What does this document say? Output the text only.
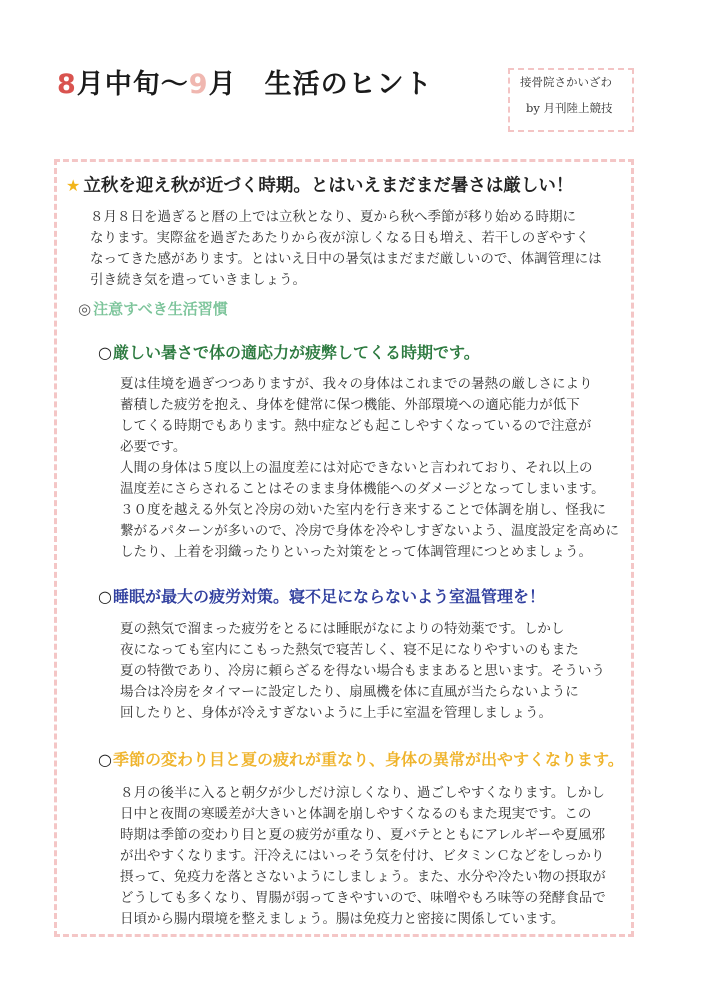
8月中旬～9月　生活のヒント	接骨院さかいざわ
by 月刊陸上競技
★ 立秋を迎え秋が近づく時期。とはいえまだまだ暑さは厳しい！
８月８日を過ぎると暦の上では立秋となり、夏から秋へ季節が移り始める時期に
なります。実際盆を過ぎたあたりから夜が涼しくなる日も増え、若干しのぎやすく
なってきた感があります。とはいえ日中の暑気はまだまだ厳しいので、体調管理には
引き続き気を遣っていきましょう。
◎ 注意すべき生活習慣
○厳しい暑さで体の適応力が疲弊してくる時期です。
夏は佳境を過ぎつつありますが、我々の身体はこれまでの暑熱の厳しさにより
蓄積した疲労を抱え、身体を健常に保つ機能、外部環境への適応能力が低下
してくる時期でもあります。熱中症なども起こしやすくなっているので注意が
必要です。
人間の身体は５度以上の温度差には対応できないと言われており、それ以上の
温度差にさらされることはそのまま身体機能へのダメージとなってしまいます。
３０度を越える外気と冷房の効いた室内を行き来することで体調を崩し、怪我に
繋がるパターンが多いので、冷房で身体を冷やしすぎないよう、温度設定を高めに
したり、上着を羽織ったりといった対策をとって体調管理につとめましょう。
○睡眠が最大の疲労対策。寝不足にならないよう室温管理を！
夏の熱気で溜まった疲労をとるには睡眠がなによりの特効薬です。しかし
夜になっても室内にこもった熱気で寝苦しく、寝不足になりやすいのもまた
夏の特徴であり、冷房に頼らざるを得ない場合もままあると思います。そういう
場合は冷房をタイマーに設定したり、扇風機を体に直風が当たらないように
回したりと、身体が冷えすぎないように上手に室温を管理しましょう。
○季節の変わり目と夏の疲れが重なり、身体の異常が出やすくなります。
８月の後半に入ると朝夕が少しだけ涼しくなり、過ごしやすくなります。しかし
日中と夜間の寒暖差が大きいと体調を崩しやすくなるのもまた現実です。この
時期は季節の変わり目と夏の疲労が重なり、夏バテとともにアレルギーや夏風邪
が出やすくなります。汗冷えにはいっそう気を付け、ビタミンＣなどをしっかり
摂って、免疫力を落とさないようにしましょう。また、水分や冷たい物の摂取が
どうしても多くなり、胃腸が弱ってきやすいので、味噌やもろ味等の発酵食品で
日頃から腸内環境を整えましょう。腸は免疫力と密接に関係しています。
